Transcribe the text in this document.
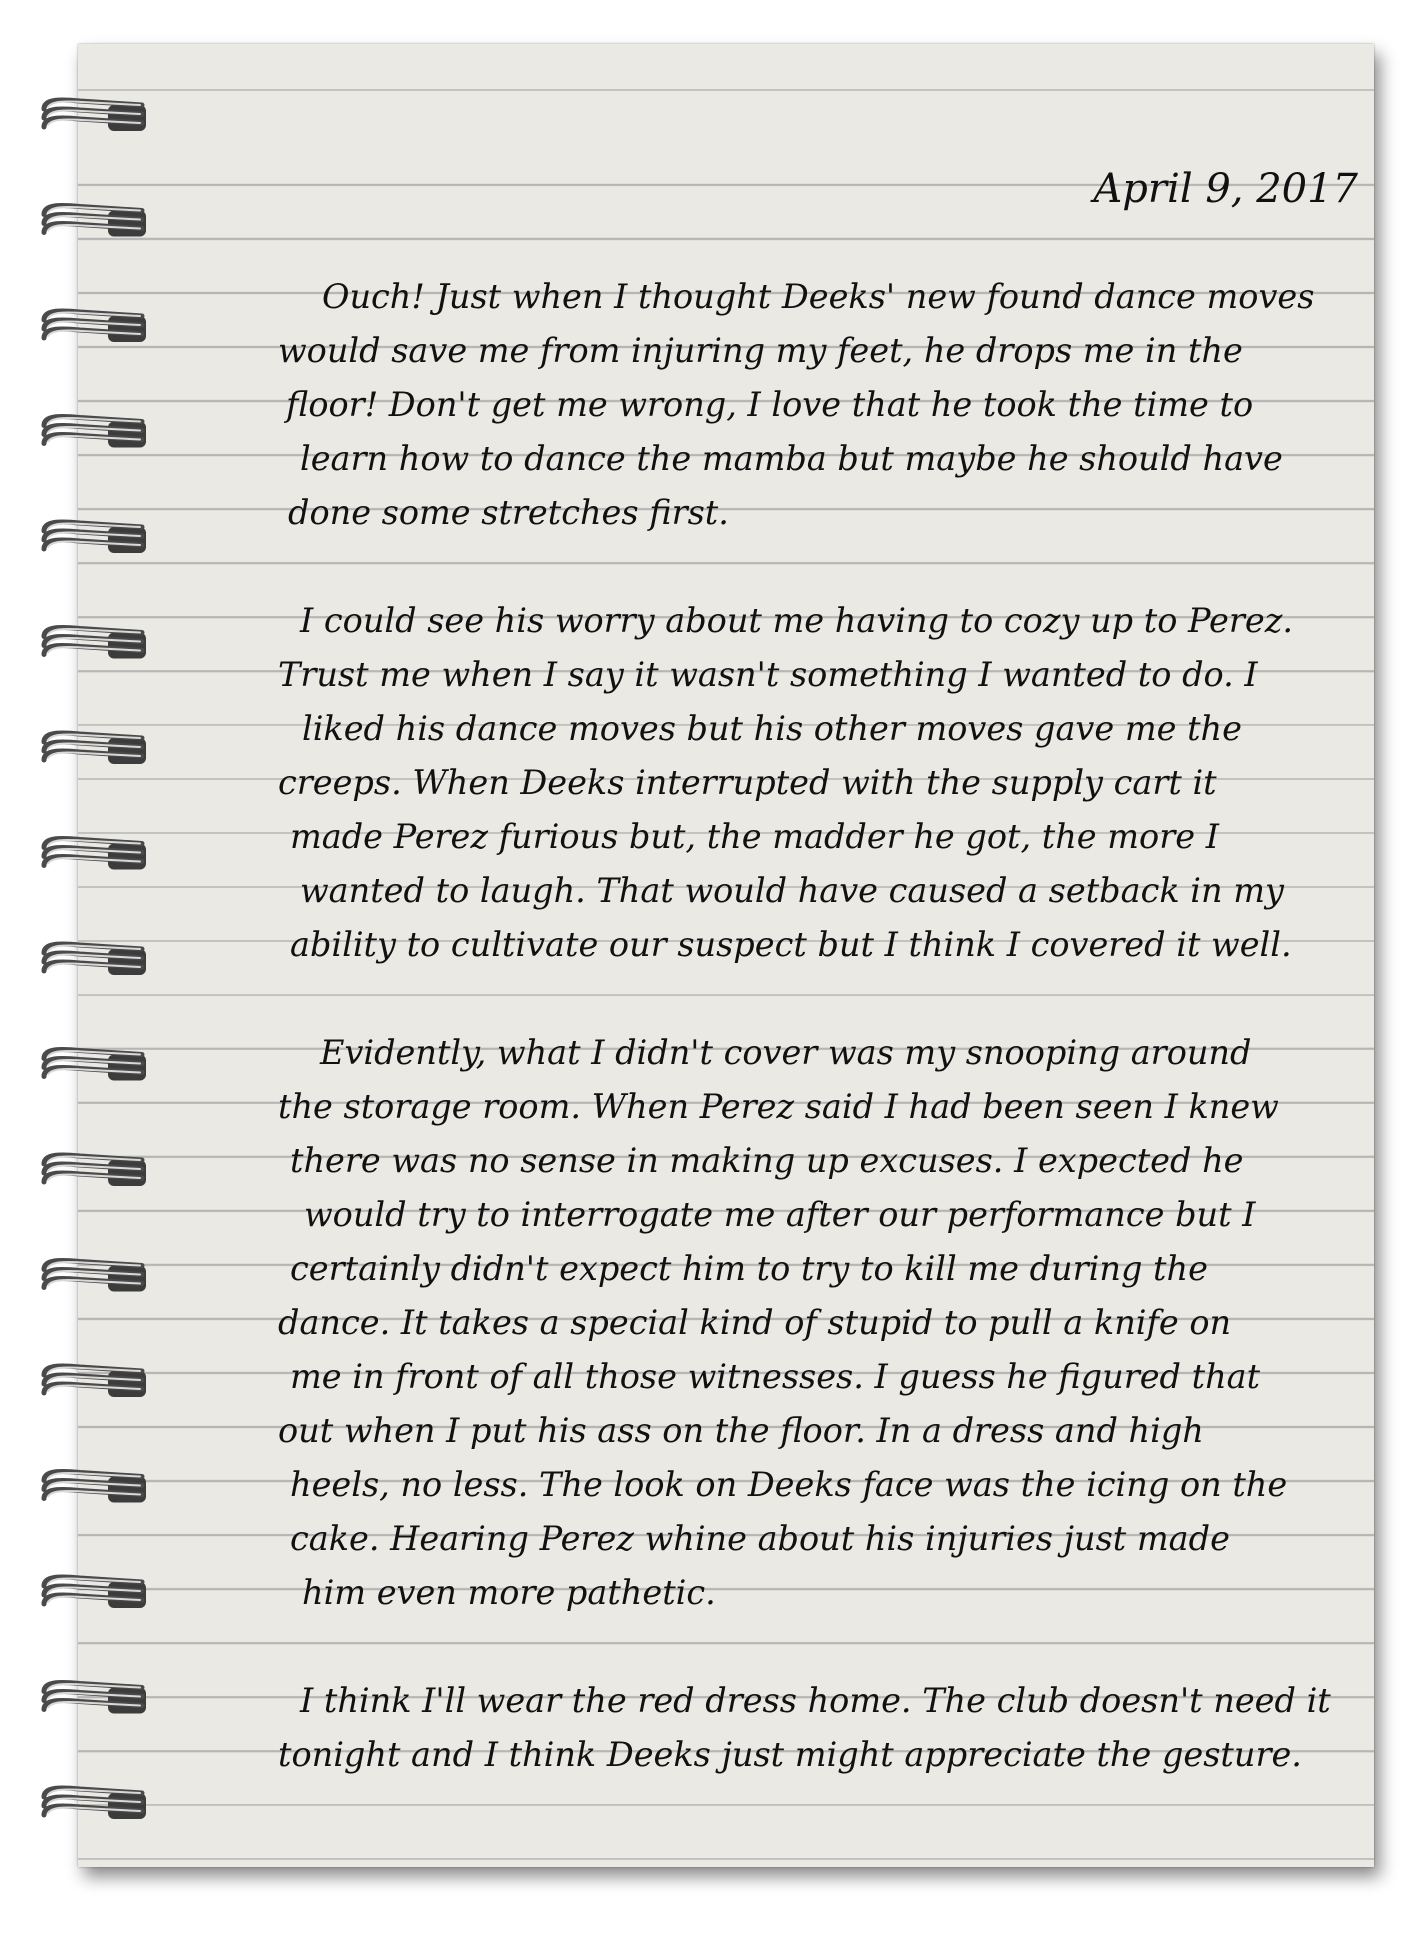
April 9, 2017
Ouch! Just when I thought Deeks' new found dance moves
would save me from injuring my feet, he drops me in the
floor! Don't get me wrong, I love that he took the time to
learn how to dance the mamba but maybe he should have
done some stretches first.
I could see his worry about me having to cozy up to Perez.
Trust me when I say it wasn't something I wanted to do. I
liked his dance moves but his other moves gave me the
creeps. When Deeks interrupted with the supply cart it
made Perez furious but, the madder he got, the more I
wanted to laugh. That would have caused a setback in my
ability to cultivate our suspect but I think I covered it well.
Evidently, what I didn't cover was my snooping around
the storage room. When Perez said I had been seen I knew
there was no sense in making up excuses. I expected he
would try to interrogate me after our performance but I
certainly didn't expect him to try to kill me during the
dance. It takes a special kind of stupid to pull a knife on
me in front of all those witnesses. I guess he figured that
out when I put his ass on the floor. In a dress and high
heels, no less. The look on Deeks face was the icing on the
cake. Hearing Perez whine about his injuries just made
him even more pathetic.
I think I'll wear the red dress home. The club doesn't need it
tonight and I think Deeks just might appreciate the gesture.
